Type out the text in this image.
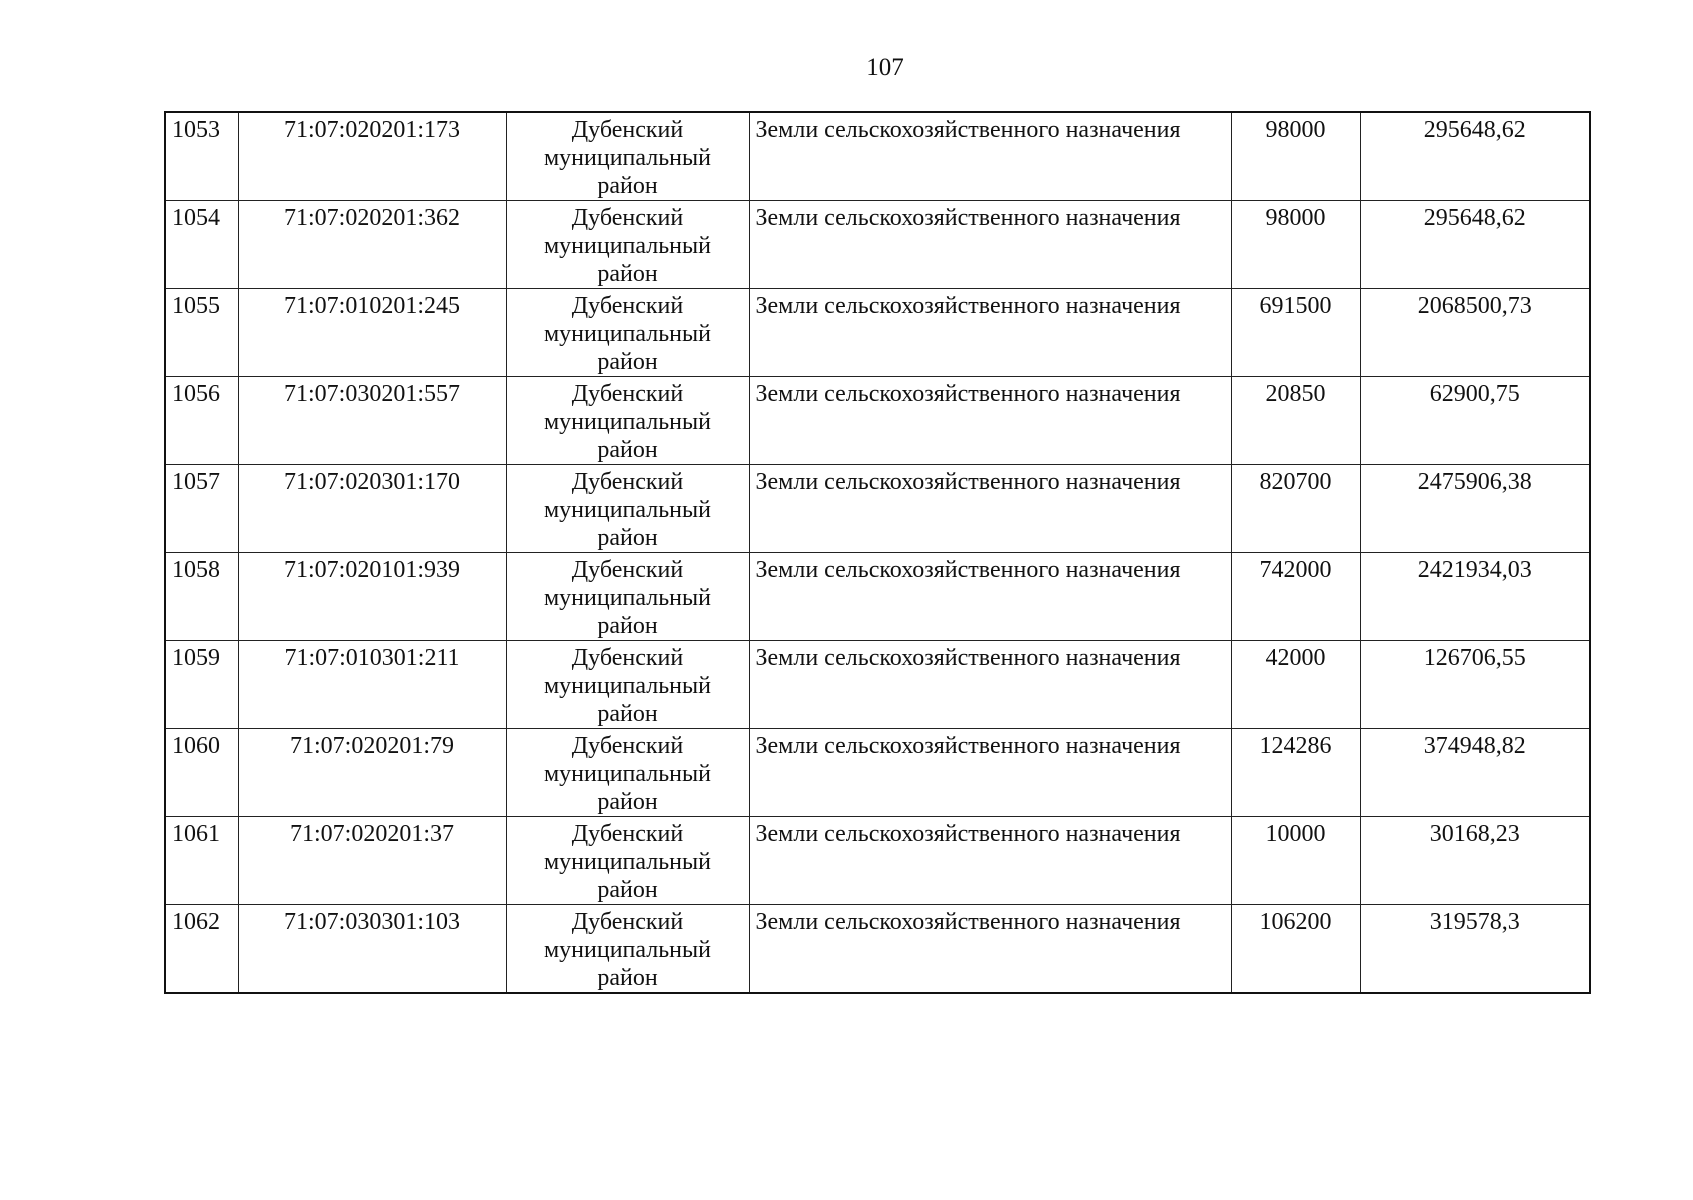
107
1053	71:07:020201:173	Дубенский муниципальный район	Земли сельскохозяйственного назначения	98000	295648,62
1054	71:07:020201:362	Дубенский муниципальный район	Земли сельскохозяйственного назначения	98000	295648,62
1055	71:07:010201:245	Дубенский муниципальный район	Земли сельскохозяйственного назначения	691500	2068500,73
1056	71:07:030201:557	Дубенский муниципальный район	Земли сельскохозяйственного назначения	20850	62900,75
1057	71:07:020301:170	Дубенский муниципальный район	Земли сельскохозяйственного назначения	820700	2475906,38
1058	71:07:020101:939	Дубенский муниципальный район	Земли сельскохозяйственного назначения	742000	2421934,03
1059	71:07:010301:211	Дубенский муниципальный район	Земли сельскохозяйственного назначения	42000	126706,55
1060	71:07:020201:79	Дубенский муниципальный район	Земли сельскохозяйственного назначения	124286	374948,82
1061	71:07:020201:37	Дубенский муниципальный район	Земли сельскохозяйственного назначения	10000	30168,23
1062	71:07:030301:103	Дубенский муниципальный район	Земли сельскохозяйственного назначения	106200	319578,3
